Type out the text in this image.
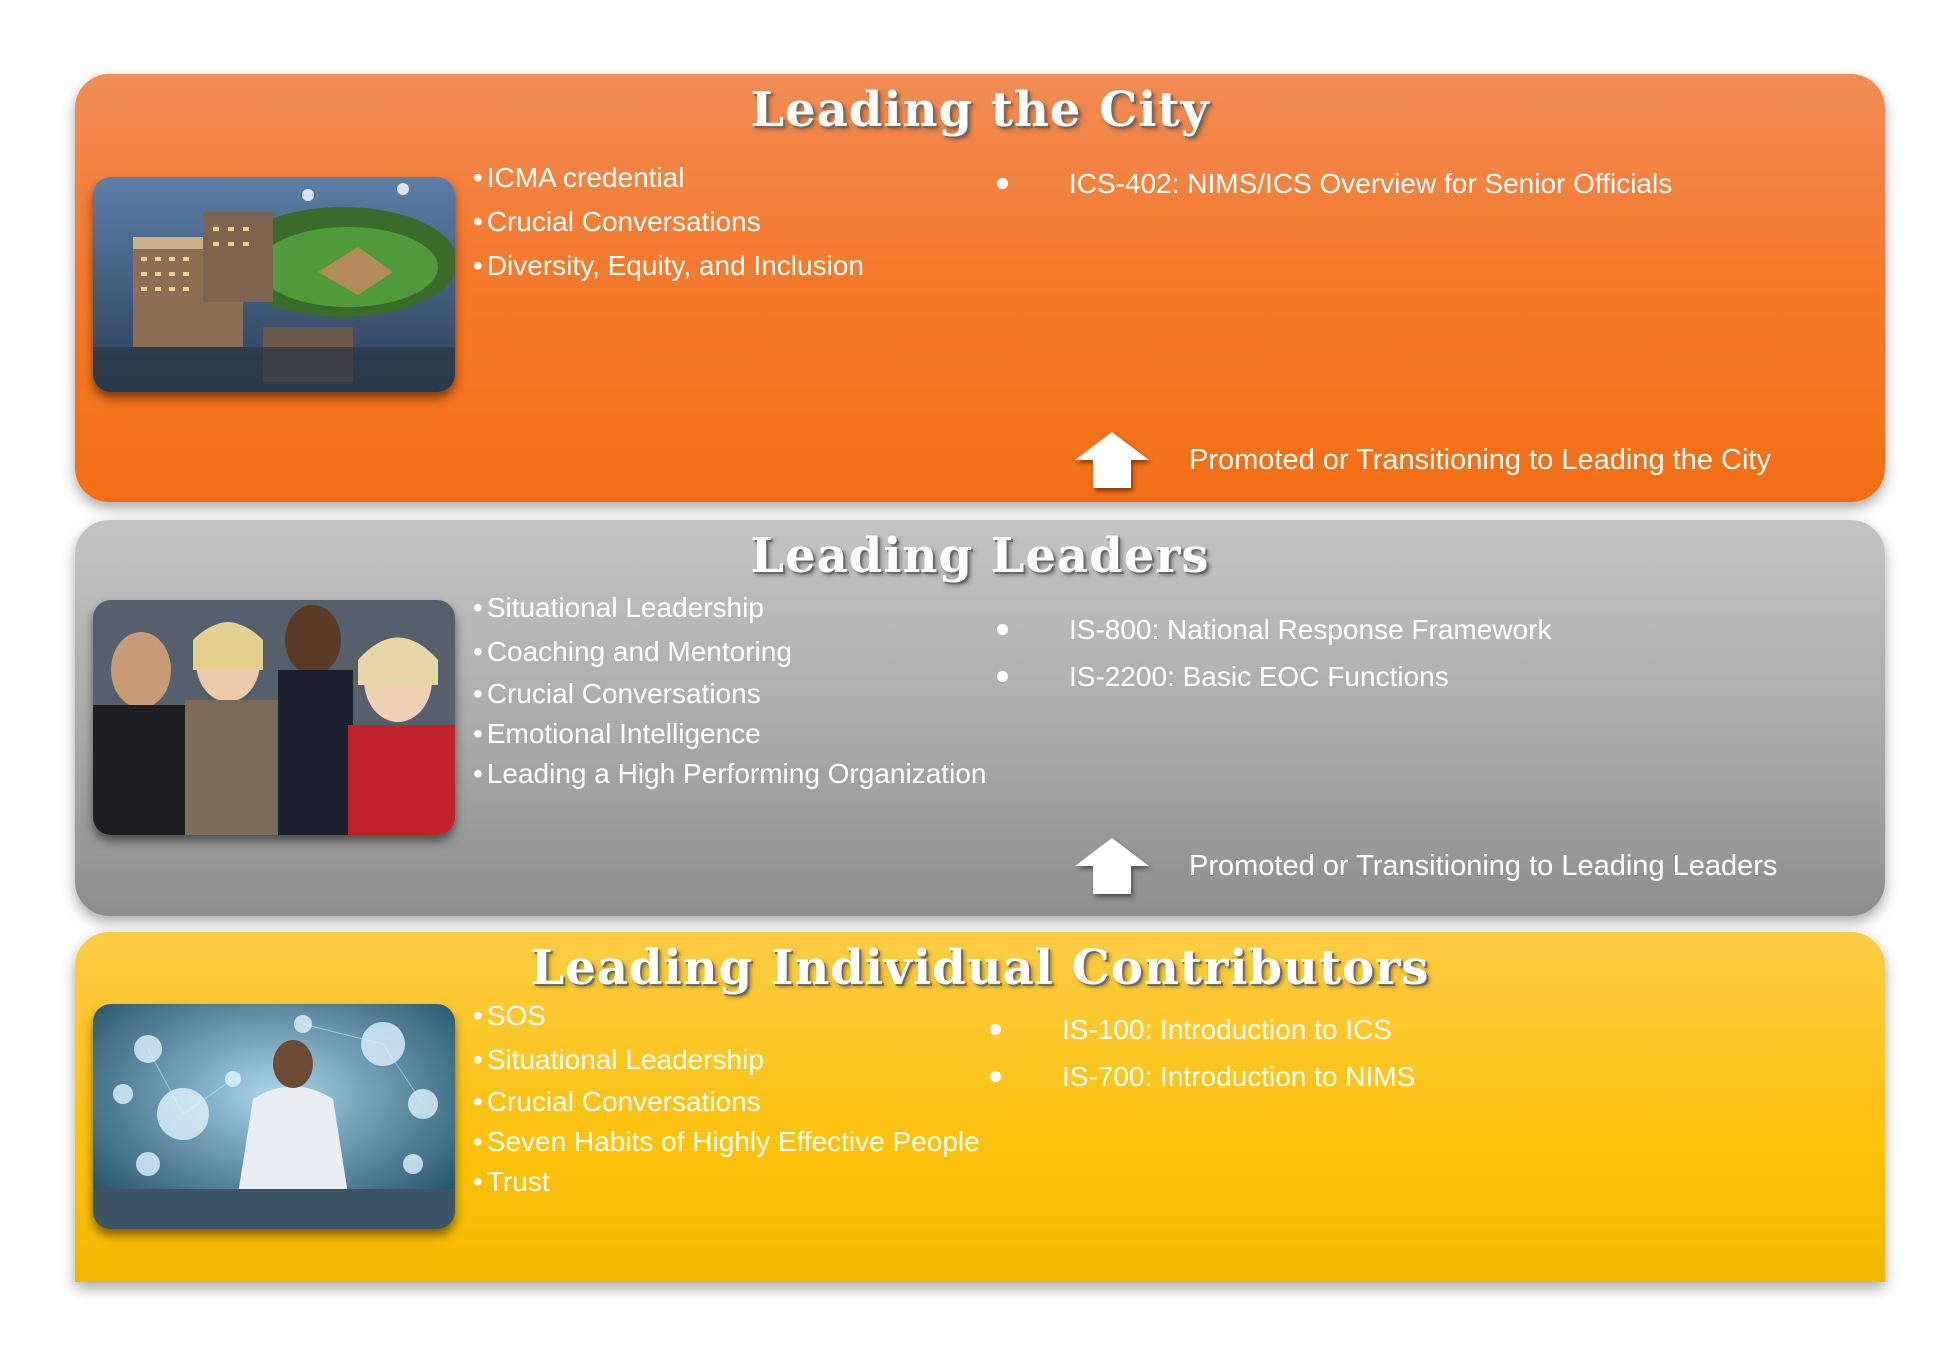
Leading the City
• ICMA credential
• Crucial Conversations
• Diversity, Equity, and Inclusion
ICS-402: NIMS/ICS Overview for Senior Officials
Promoted or Transitioning to Leading the City
Leading Leaders
• Situational Leadership
• Coaching and Mentoring
• Crucial Conversations
• Emotional Intelligence
• Leading a High Performing Organization
IS-800: National Response Framework
IS-2200: Basic EOC Functions
Promoted or Transitioning to Leading Leaders
Leading Individual Contributors
• SOS
• Situational Leadership
• Crucial Conversations
• Seven Habits of Highly Effective People
• Trust
IS-100: Introduction to ICS
IS-700: Introduction to NIMS
